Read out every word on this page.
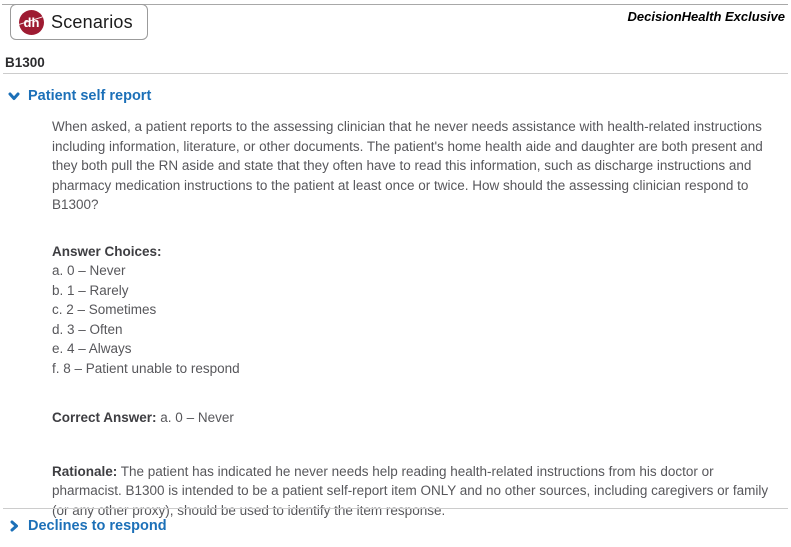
dh Scenarios	DecisionHealth Exclusive
B1300
Patient self report

When asked, a patient reports to the assessing clinician that he never needs assistance with health-related instructions including information, literature, or other documents. The patient's home health aide and daughter are both present and they both pull the RN aside and state that they often have to read this information, such as discharge instructions and pharmacy medication instructions to the patient at least once or twice. How should the assessing clinician respond to B1300?

Answer Choices:
a. 0 – Never
b. 1 – Rarely
c. 2 – Sometimes
d. 3 – Often
e. 4 – Always
f. 8 – Patient unable to respond
Correct Answer: a. 0 – Never
Rationale: The patient has indicated he never needs help reading health-related instructions from his doctor or pharmacist. B1300 is intended to be a patient self-report item ONLY and no other sources, including caregivers or family (or any other proxy), should be used to identify the item response.
Declines to respond
